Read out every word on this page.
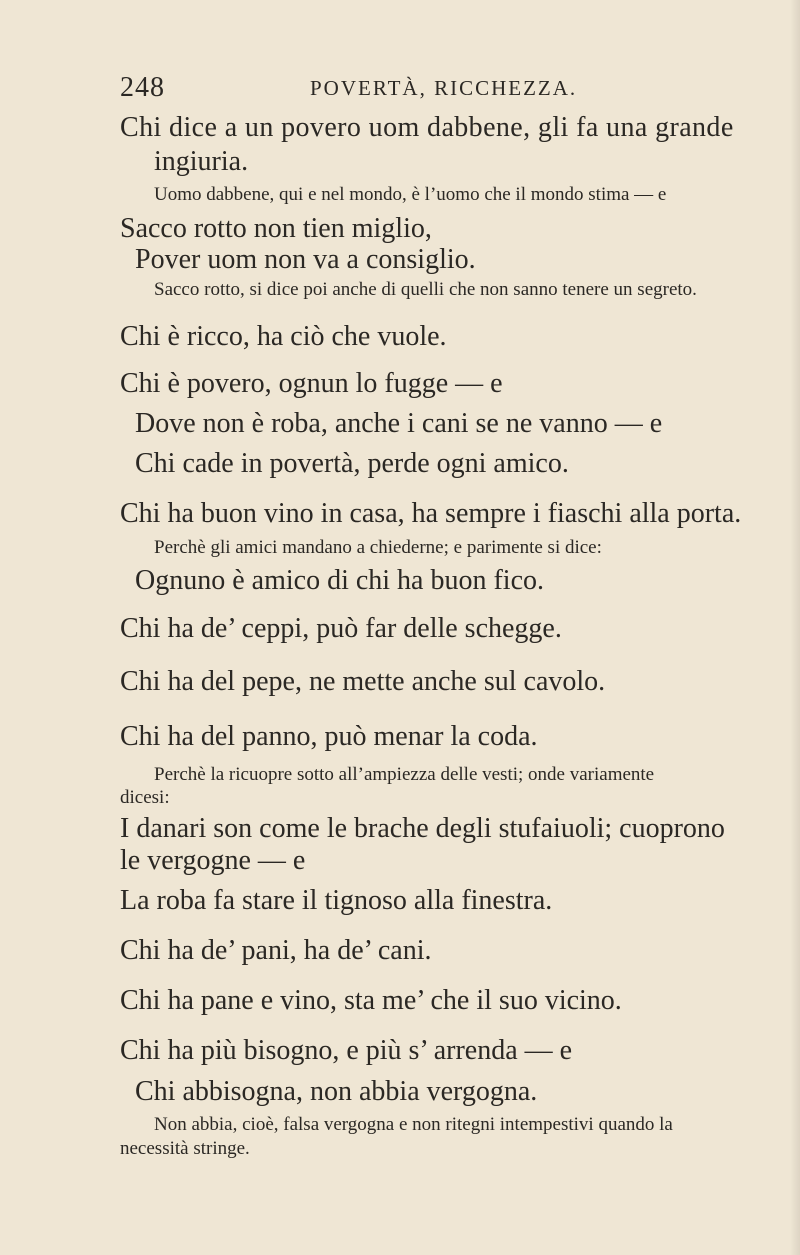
248	POVERTÀ, RICCHEZZA.
Chi dice a un povero uom dabbene, gli fa una grande
ingiuria.
Uomo dabbene, qui e nel mondo, è l’uomo che il mondo stima — e
Sacco rotto non tien miglio,
Pover uom non va a consiglio.
Sacco rotto, si dice poi anche di quelli che non sanno tenere un segreto.
Chi è ricco, ha ciò che vuole.
Chi è povero, ognun lo fugge — e
Dove non è roba, anche i cani se ne vanno — e
Chi cade in povertà, perde ogni amico.
Chi ha buon vino in casa, ha sempre i fiaschi alla porta.
Perchè gli amici mandano a chiederne; e parimente si dice:
Ognuno è amico di chi ha buon fico.
Chi ha de’ ceppi, può far delle schegge.
Chi ha del pepe, ne mette anche sul cavolo.
Chi ha del panno, può menar la coda.
Perchè la ricuopre sotto all’ampiezza delle vesti; onde variamente
dicesi:
I danari son come le brache degli stufaiuoli; cuoprono
le vergogne — e
La roba fa stare il tignoso alla finestra.
Chi ha de’ pani, ha de’ cani.
Chi ha pane e vino, sta me’ che il suo vicino.
Chi ha più bisogno, e più s’ arrenda — e
Chi abbisogna, non abbia vergogna.
Non abbia, cioè, falsa vergogna e non ritegni intempestivi quando la
necessità stringe.
